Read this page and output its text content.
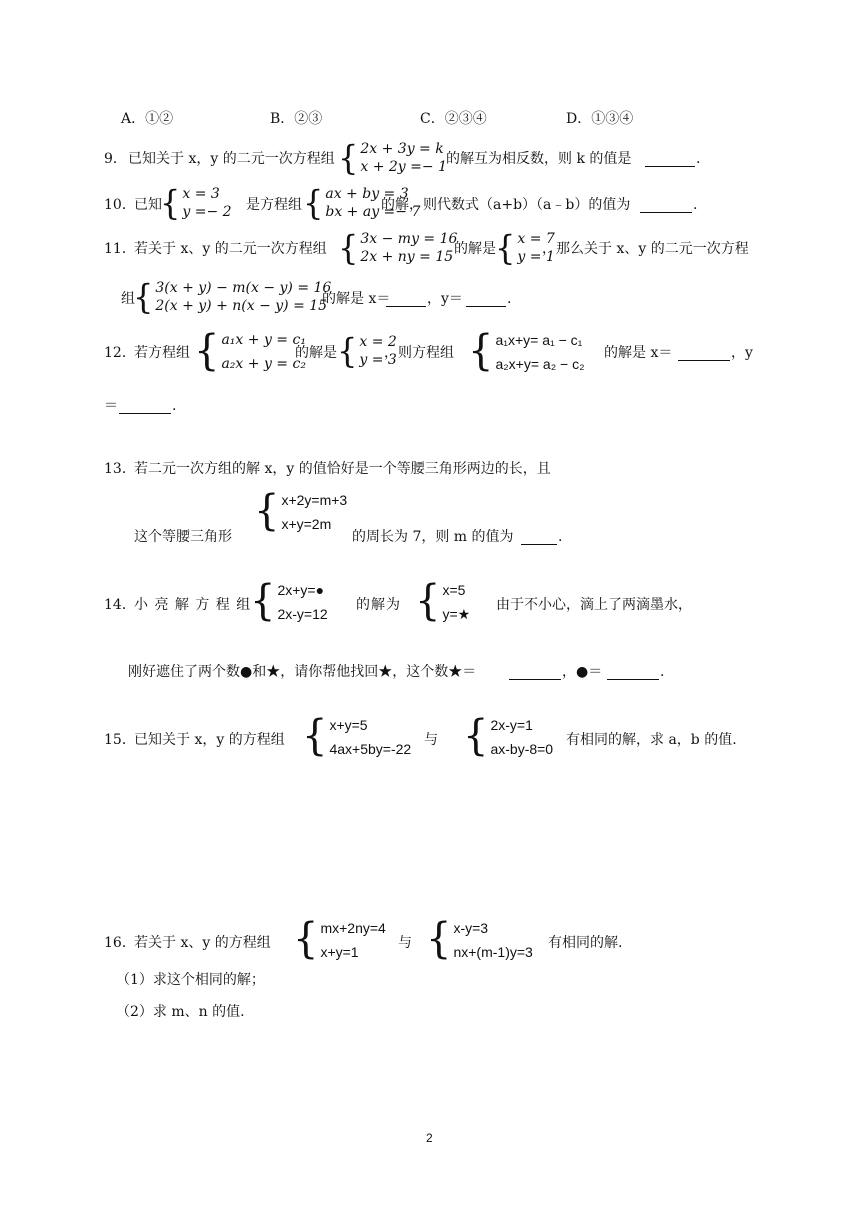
A．①②	B．②③	C．②③④	D．①③④
9． 已知关于 x，y 的二元一次方程组 { 2x + 3y = k
x + 2y =− 1 的解互为相反数，则 k 的值是	.
10．
已知
{ x = 3
y =− 2 是方程组 { ax + by = 3
bx + ay =− 7
的解，则代数式（a+b）（a﹣b）的值为	.
11．
若关于 x、y 的二元一次方程组 { 3x − my = 16
2x + ny = 15 的解是 { x = 7
y = 1
，那么关于 x、y 的二元一次方程
组
{ 3(x + y) − m(x − y) = 16
2(x + y) + n(x − y) = 15
的解是 x＝	，y＝	.
12．
若方程组 { a₁x + y = c₁
a₂x + y = c₂
的解是 { x = 2
y = 3
，则方程组 { a₁x+y= a₁ − c₁
a₂x+y= a₂ − c₂
的解是 x＝	，y
＝	.
13．
若二元一次方组的解 x，y 的值恰好是一个等腰三角形两边的长，且
这个等腰三角形
{ x+2y=m+3
x+y=2m
的周长为 7，则 m 的值为	.
14．
小 亮 解 方 程 组
{ 2x+y=●
2x-y=12
的解为 { x=5
y=★
由于不小心，滴上了两滴墨水，
刚好遮住了两个数●和★，请你帮他找回★，这个数★＝	，●＝	.
15．
已知关于 x，y 的方程组 { x+y=5
4ax+5by=-22
与 { 2x-y=1
ax-by-8=0
有相同的解，求 a，b 的值.
16．
若关于 x、y 的方程组 { mx+2ny=4
x+y=1
与 { x-y=3
nx+(m-1)y=3
有相同的解.
（1）求这个相同的解；
（2）求 m、n 的值.
2
